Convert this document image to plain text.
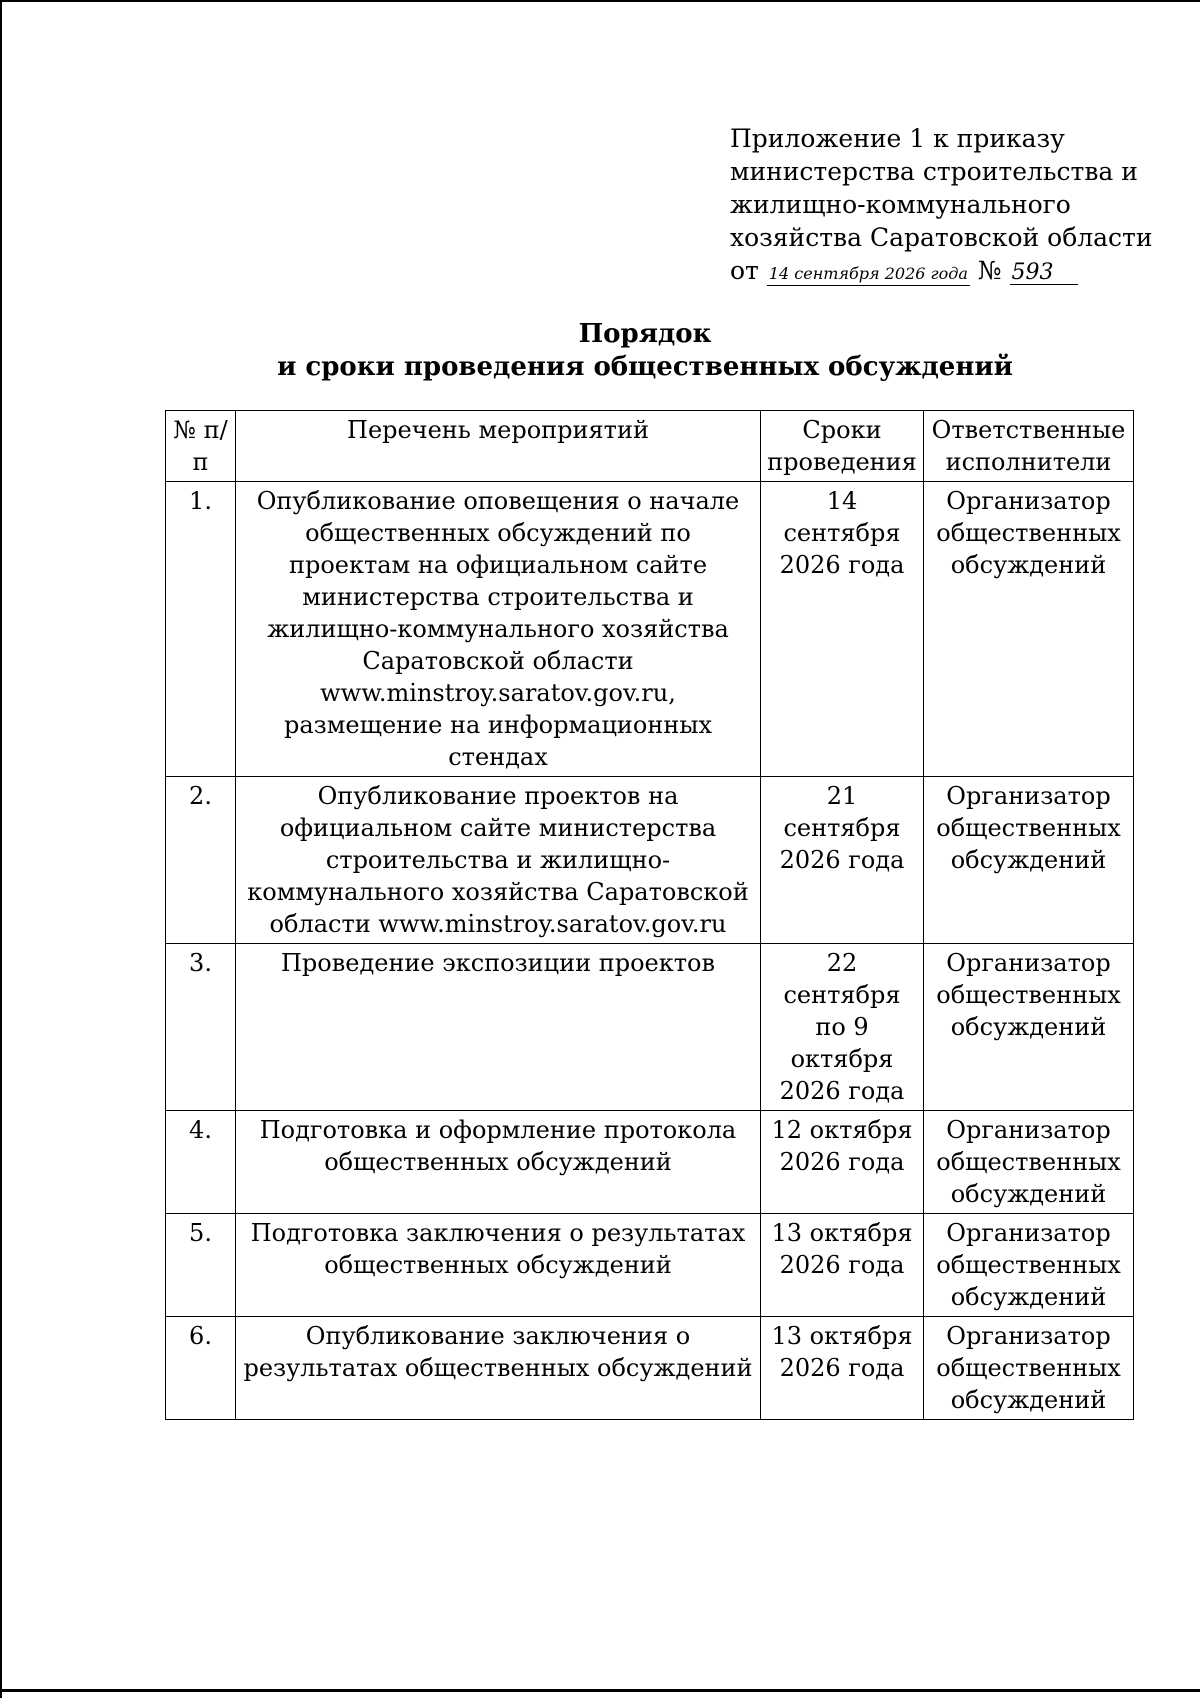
Приложение 1 к приказу
министерства строительства и
жилищно-коммунального
хозяйства Саратовской области
от 14 сентября 2026 года № 593
Порядок
и сроки проведения общественных обсуждений
№ п/п	Перечень мероприятий	Сроки проведения	Ответственные исполнители
1.	Опубликование оповещения о начале общественных обсуждений по проектам на официальном сайте министерства строительства и жилищно-коммунального хозяйства Саратовской области www.minstroy.saratov.gov.ru, размещение на информационных стендах	14 сентября 2026 года	Организатор общественных обсуждений
2.	Опубликование проектов на официальном сайте министерства строительства и жилищно-коммунального хозяйства Саратовской области www.minstroy.saratov.gov.ru	21 сентября 2026 года	Организатор общественных обсуждений
3.	Проведение экспозиции проектов	22 сентября по 9 октября 2026 года	Организатор общественных обсуждений
4.	Подготовка и оформление протокола общественных обсуждений	12 октября 2026 года	Организатор общественных обсуждений
5.	Подготовка заключения о результатах общественных обсуждений	13 октября 2026 года	Организатор общественных обсуждений
6.	Опубликование заключения о результатах общественных обсуждений	13 октября 2026 года	Организатор общественных обсуждений
